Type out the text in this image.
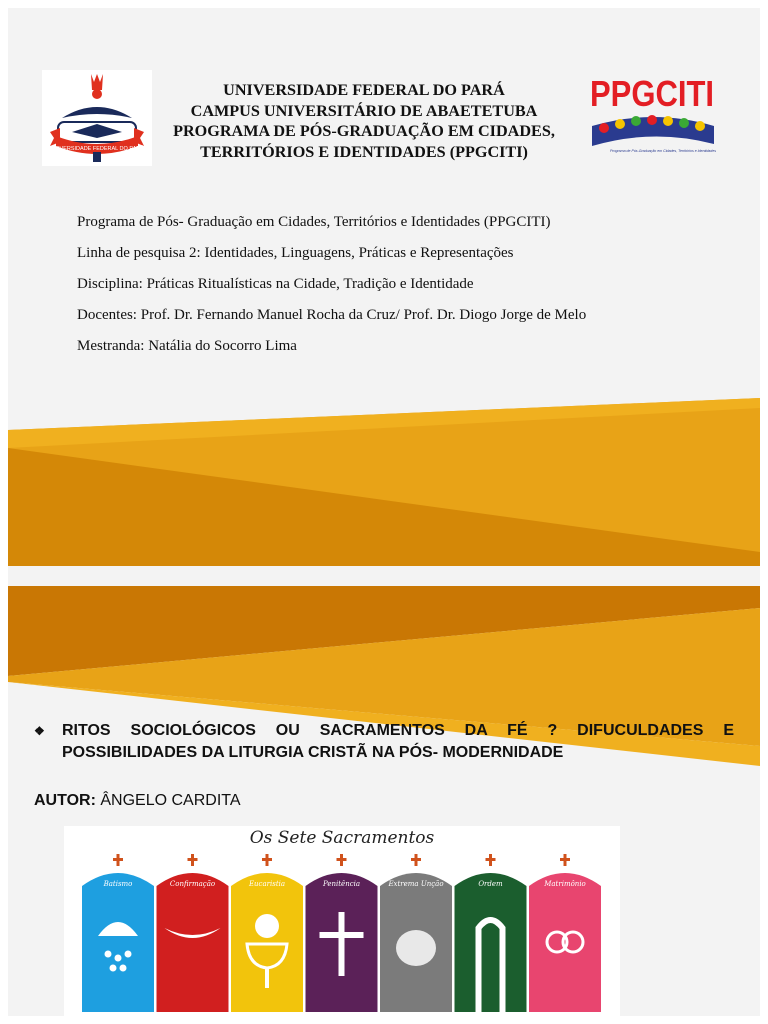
UNIVERSIDADE FEDERAL DO PARÁ
UNIVERSIDADE FEDERAL DO PARÁ
CAMPUS UNIVERSITÁRIO DE ABAETETUBA
PROGRAMA DE PÓS-GRADUAÇÃO EM CIDADES,
TERRITÓRIOS E IDENTIDADES (PPGCITI)
PPGCITI
Programa de Pós-Graduação em Cidades, Territórios e Identidades
Programa de Pós- Graduação em Cidades, Territórios e Identidades (PPGCITI)
Linha de pesquisa 2: Identidades, Linguagens, Práticas e Representações
Disciplina: Práticas Ritualísticas na Cidade, Tradição e Identidade
Docentes: Prof. Dr. Fernando Manuel Rocha da Cruz/ Prof. Dr. Diogo Jorge de Melo
Mestranda: Natália do Socorro Lima
❖ RITOS SOCIOLÓGICOS OU SACRAMENTOS DA FÉ ? DIFUCULDADES E POSSIBILIDADES DA LITURGIA CRISTÃ NA PÓS- MODERNIDADE
AUTOR: ÂNGELO CARDITA
Os Sete Sacramentos
Batismo	Confirmação	Eucaristia	Penitência	Extrema Unção	Ordem	Matrimônio
